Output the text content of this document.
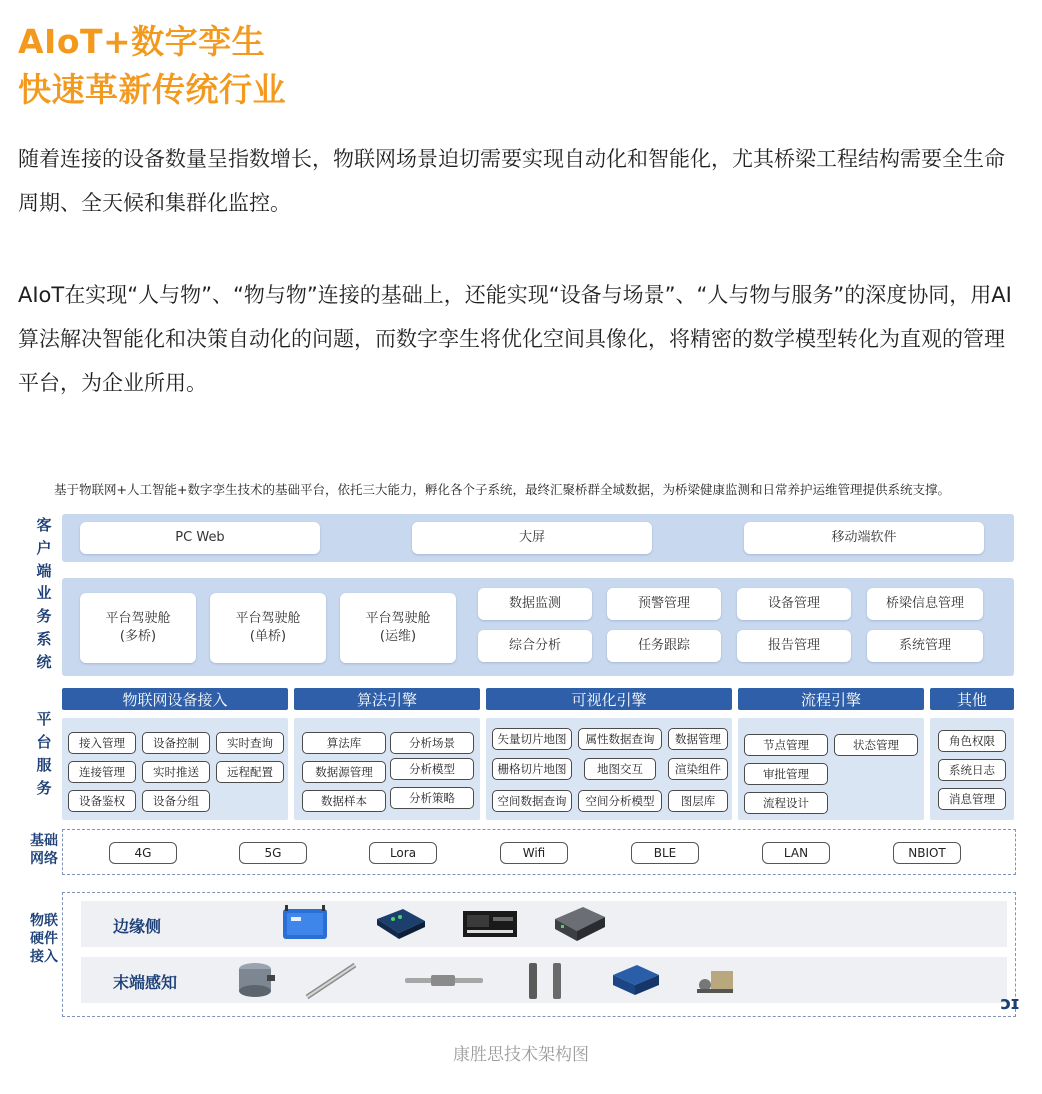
AIoT+数字孪生
快速革新传统行业
随着连接的设备数量呈指数增长，物联网场景迫切需要实现自动化和智能化，尤其桥梁工程结构需要全生命周期、全天候和集群化监控。
AIoT在实现“人与物”、“物与物”连接的基础上，还能实现“设备与场景”、“人与物与服务”的深度协同，用AI算法解决智能化和决策自动化的问题，而数字孪生将优化空间具像化，将精密的数学模型转化为直观的管理平台，为企业所用。
基于物联网+人工智能+数字孪生技术的基础平台，依托三大能力，孵化各个子系统，最终汇聚桥群全域数据，为桥梁健康监测和日常养护运维管理提供系统支撑。
客
户
端
PC Web	大屏	移动端软件
业
务
系
统
平台驾驶舱
(多桥)
平台驾驶舱
(单桥)
平台驾驶舱
(运维)
数据监测	预警管理	设备管理	桥梁信息管理
综合分析	任务跟踪	报告管理	系统管理
平
台
服
务
物联网设备接入	算法引擎	可视化引擎	流程引擎	其他
接入管理	设备控制	实时查询
连接管理	实时推送	远程配置
设备鉴权	设备分组
算法库	分析场景
数据源管理	分析模型
数据样本	分析策略
矢量切片地图	属性数据查询	数据管理
栅格切片地图	地图交互	渲染组件
空间数据查询	空间分析模型	图层库
节点管理	状态管理
审批管理
流程设计
角色权限
系统日志
消息管理
基础
网络	4G	5G	Lora	Wifi	BLE	LAN	NBIOT
物联
硬件
接入
边缘侧
末端感知
ɔɪ
康胜思技术架构图
